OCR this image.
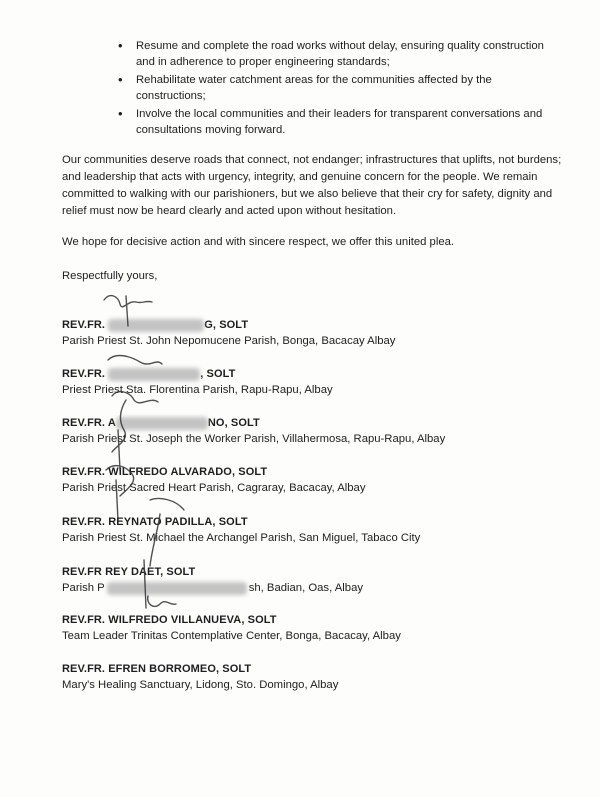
• Resume and complete the road works without delay, ensuring quality construction and in adherence to proper engineering standards;
• Rehabilitate water catchment areas for the communities affected by the constructions;
• Involve the local communities and their leaders for transparent conversations and consultations moving forward.

Our communities deserve roads that connect, not endanger; infrastructures that uplifts, not burdens; and leadership that acts with urgency, integrity, and genuine concern for the people. We remain committed to walking with our parishioners, but we also believe that their cry for safety, dignity and relief must now be heard clearly and acted upon without hesitation.

We hope for decisive action and with sincere respect, we offer this united plea.

Respectfully yours,

REV.FR.	G, SOLT
Parish Priest St. John Nepomucene Parish, Bonga, Bacacay Albay
REV.FR.	, SOLT
Priest Priest Sta. Florentina Parish, Rapu-Rapu, Albay
REV.FR. A	NO, SOLT
Parish Priest St. Joseph the Worker Parish, Villahermosa, Rapu-Rapu, Albay
REV.FR. WILFREDO ALVARADO, SOLT
Parish Priest Sacred Heart Parish, Cagraray, Bacacay, Albay
REV.FR. REYNATO PADILLA, SOLT
Parish Priest St. Michael the Archangel Parish, San Miguel, Tabaco City
REV.FR REY DAET, SOLT
Parish P	sh, Badian, Oas, Albay
REV.FR. WILFREDO VILLANUEVA, SOLT
Team Leader Trinitas Contemplative Center, Bonga, Bacacay, Albay
REV.FR. EFREN BORROMEO, SOLT
Mary's Healing Sanctuary, Lidong, Sto. Domingo, Albay
